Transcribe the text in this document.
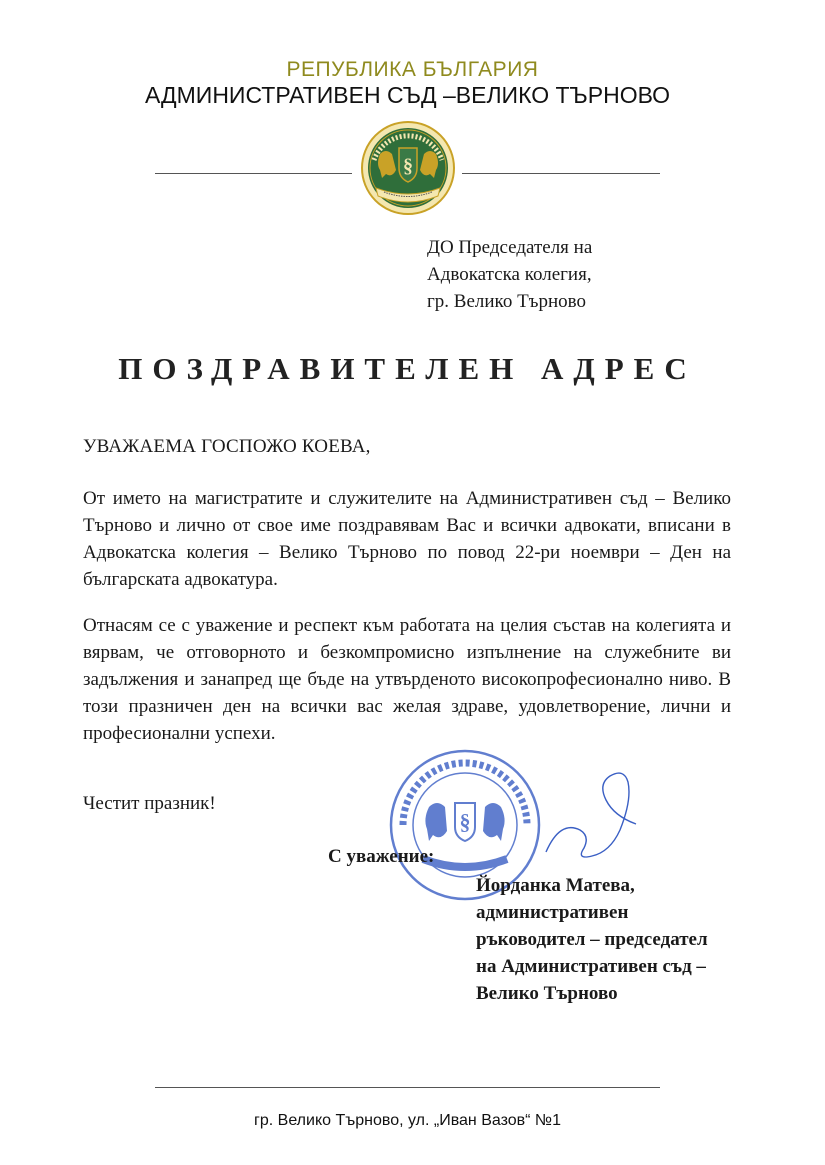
РЕПУБЛИКА БЪЛГАРИЯ
АДМИНИСТРАТИВЕН СЪД –ВЕЛИКО ТЪРНОВО
§
ДО Председателя на
Адвокатска колегия,
гр. Велико Търново
ПОЗДРАВИТЕЛЕН АДРЕС
УВАЖАЕМА ГОСПОЖО КОЕВА,
От името на магистратите и служителите на Административен съд – Велико Търново и лично от свое име поздравявам Вас и всички адвокати, вписани в Адвокатска колегия – Велико Търново по повод 22-ри ноември – Ден на българската адвокатура.
Отнасям се с уважение и респект към работата на целия състав на колегията и вярвам, че отговорното и безкомпромисно изпълнение на служебните ви задължения и занапред ще бъде на утвърденото високопрофесионално ниво. В този празничен ден на всички вас желая здраве, удовлетворение, лични и професионални успехи.
Честит празник!
§
С уважение:
Йорданка Матева,
административен
ръководител – председател
на Административен съд –
Велико Търново
гр. Велико Търново, ул. „Иван Вазов“ №1
